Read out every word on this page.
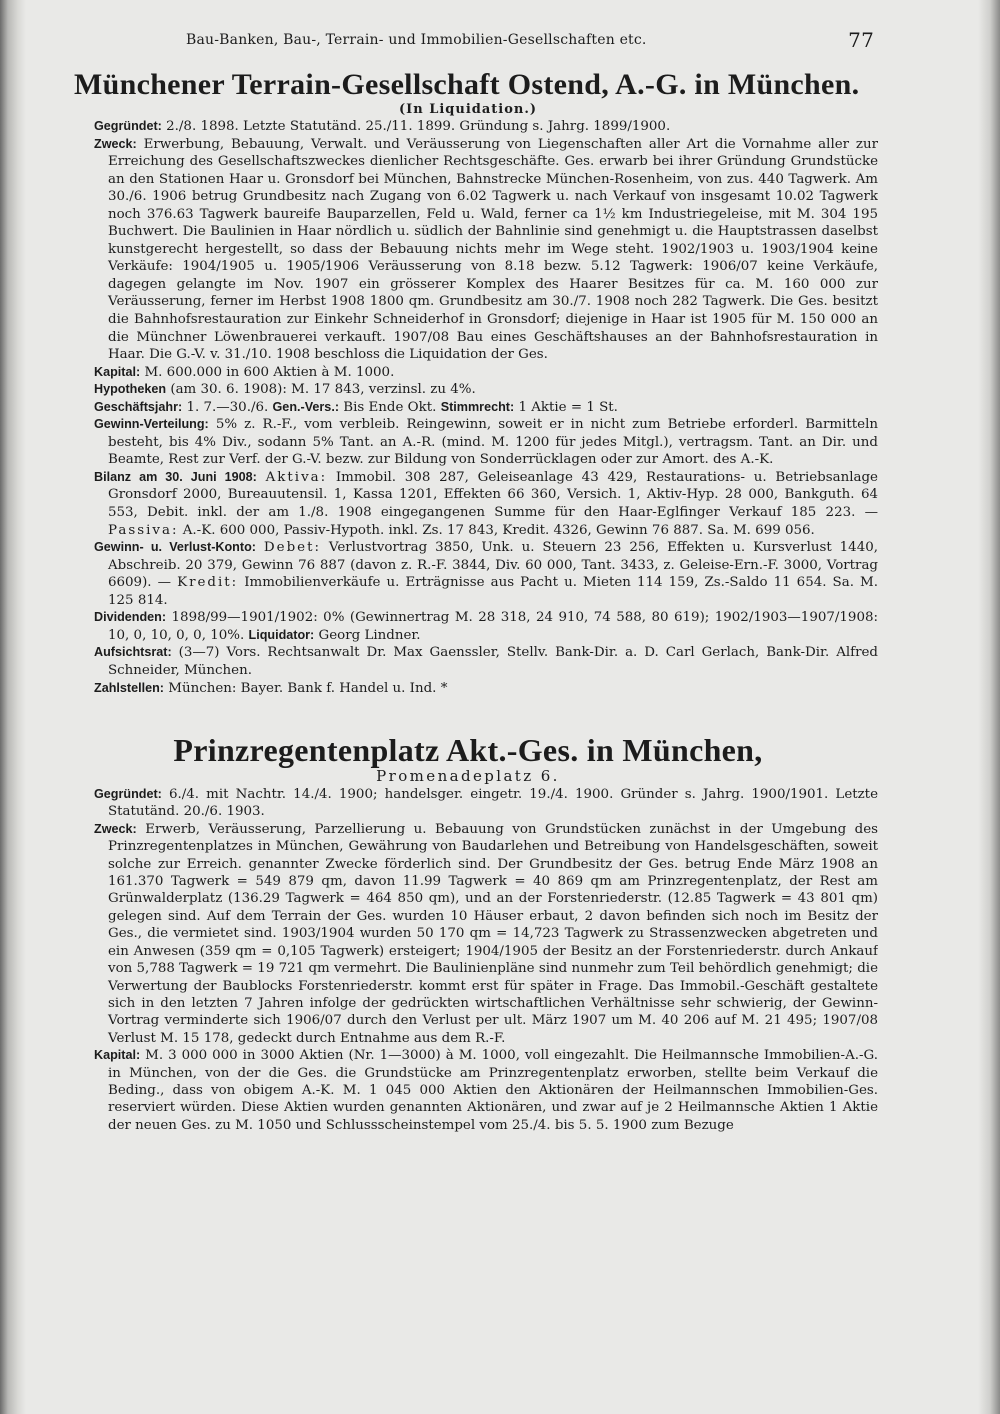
Bau-Banken, Bau-, Terrain- und Immobilien-Gesellschaften etc.	77
Münchener Terrain-Gesellschaft Ostend, A.-G. in München.
(In Liquidation.)

Gegründet: 2./8. 1898. Letzte Statutänd. 25./11. 1899. Gründung s. Jahrg. 1899/1900.

Zweck: Erwerbung, Bebauung, Verwalt. und Veräusserung von Liegenschaften aller Art die Vornahme aller zur Erreichung des Gesellschaftszweckes dienlicher Rechtsgeschäfte. Ges. erwarb bei ihrer Gründung Grundstücke an den Stationen Haar u. Gronsdorf bei München, Bahnstrecke München-Rosenheim, von zus. 440 Tagwerk. Am 30./6. 1906 betrug Grundbesitz nach Zugang von 6.02 Tagwerk u. nach Verkauf von insgesamt 10.02 Tagwerk noch 376.63 Tagwerk baureife Bauparzellen, Feld u. Wald, ferner ca 1½ km Industriegeleise, mit M. 304 195 Buchwert. Die Baulinien in Haar nördlich u. südlich der Bahnlinie sind genehmigt u. die Hauptstrassen daselbst kunstgerecht hergestellt, so dass der Bebauung nichts mehr im Wege steht. 1902/1903 u. 1903/1904 keine Verkäufe: 1904/1905 u. 1905/1906 Veräusserung von 8.18 bezw. 5.12 Tagwerk: 1906/07 keine Verkäufe, dagegen gelangte im Nov. 1907 ein grösserer Komplex des Haarer Besitzes für ca. M. 160 000 zur Veräusserung, ferner im Herbst 1908 1800 qm. Grundbesitz am 30./7. 1908 noch 282 Tagwerk. Die Ges. besitzt die Bahnhofsrestauration zur Einkehr Schneiderhof in Gronsdorf; diejenige in Haar ist 1905 für M. 150 000 an die Münchner Löwenbrauerei verkauft. 1907/08 Bau eines Geschäftshauses an der Bahnhofsrestauration in Haar. Die G.-V. v. 31./10. 1908 beschloss die Liquidation der Ges.

Kapital: M. 600.000 in 600 Aktien à M. 1000.

Hypotheken (am 30. 6. 1908): M. 17 843, verzinsl. zu 4%.

Geschäftsjahr: 1. 7.—30./6. Gen.-Vers.: Bis Ende Okt. Stimmrecht: 1 Aktie = 1 St.

Gewinn-Verteilung: 5% z. R.-F., vom verbleib. Reingewinn, soweit er in nicht zum Betriebe erforderl. Barmitteln besteht, bis 4% Div., sodann 5% Tant. an A.-R. (mind. M. 1200 für jedes Mitgl.), vertragsm. Tant. an Dir. und Beamte, Rest zur Verf. der G.-V. bezw. zur Bildung von Sonderrücklagen oder zur Amort. des A.-K.

Bilanz am 30. Juni 1908: Aktiva: Immobil. 308 287, Geleiseanlage 43 429, Restaurations- u. Betriebsanlage Gronsdorf 2000, Bureauutensil. 1, Kassa 1201, Effekten 66 360, Versich. 1, Aktiv-Hyp. 28 000, Bankguth. 64 553, Debit. inkl. der am 1./8. 1908 eingegangenen Summe für den Haar-Eglfinger Verkauf 185 223. — Passiva: A.-K. 600 000, Passiv-Hypoth. inkl. Zs. 17 843, Kredit. 4326, Gewinn 76 887. Sa. M. 699 056.

Gewinn- u. Verlust-Konto: Debet: Verlustvortrag 3850, Unk. u. Steuern 23 256, Effekten u. Kursverlust 1440, Abschreib. 20 379, Gewinn 76 887 (davon z. R.-F. 3844, Div. 60 000, Tant. 3433, z. Geleise-Ern.-F. 3000, Vortrag 6609). — Kredit: Immobilienverkäufe u. Erträgnisse aus Pacht u. Mieten 114 159, Zs.-Saldo 11 654. Sa. M. 125 814.

Dividenden: 1898/99—1901/1902: 0% (Gewinnertrag M. 28 318, 24 910, 74 588, 80 619); 1902/1903—1907/1908: 10, 0, 10, 0, 0, 10%. Liquidator: Georg Lindner.

Aufsichtsrat: (3—7) Vors. Rechtsanwalt Dr. Max Gaenssler, Stellv. Bank-Dir. a. D. Carl Gerlach, Bank-Dir. Alfred Schneider, München.

Zahlstellen: München: Bayer. Bank f. Handel u. Ind. *

Prinzregentenplatz Akt.-Ges. in München,
Promenadeplatz 6.

Gegründet: 6./4. mit Nachtr. 14./4. 1900; handelsger. eingetr. 19./4. 1900. Gründer s. Jahrg. 1900/1901. Letzte Statutänd. 20./6. 1903.

Zweck: Erwerb, Veräusserung, Parzellierung u. Bebauung von Grundstücken zunächst in der Umgebung des Prinzregentenplatzes in München, Gewährung von Baudarlehen und Betreibung von Handelsgeschäften, soweit solche zur Erreich. genannter Zwecke förderlich sind. Der Grundbesitz der Ges. betrug Ende März 1908 an 161.370 Tagwerk = 549 879 qm, davon 11.99 Tagwerk = 40 869 qm am Prinzregentenplatz, der Rest am Grünwalderplatz (136.29 Tagwerk = 464 850 qm), und an der Forstenriederstr. (12.85 Tagwerk = 43 801 qm) gelegen sind. Auf dem Terrain der Ges. wurden 10 Häuser erbaut, 2 davon befinden sich noch im Besitz der Ges., die vermietet sind. 1903/1904 wurden 50 170 qm = 14,723 Tagwerk zu Strassenzwecken abgetreten und ein Anwesen (359 qm = 0,105 Tagwerk) ersteigert; 1904/1905 der Besitz an der Forstenriederstr. durch Ankauf von 5,788 Tagwerk = 19 721 qm vermehrt. Die Baulinienpläne sind nunmehr zum Teil behördlich genehmigt; die Verwertung der Baublocks Forstenriederstr. kommt erst für später in Frage. Das Immobil.-Geschäft gestaltete sich in den letzten 7 Jahren infolge der gedrückten wirtschaftlichen Verhältnisse sehr schwierig, der Gewinn-Vortrag verminderte sich 1906/07 durch den Verlust per ult. März 1907 um M. 40 206 auf M. 21 495; 1907/08 Verlust M. 15 178, gedeckt durch Entnahme aus dem R.-F.

Kapital: M. 3 000 000 in 3000 Aktien (Nr. 1—3000) à M. 1000, voll eingezahlt. Die Heilmannsche Immobilien-A.-G. in München, von der die Ges. die Grundstücke am Prinzregentenplatz erworben, stellte beim Verkauf die Beding., dass von obigem A.-K. M. 1 045 000 Aktien den Aktionären der Heilmannschen Immobilien-Ges. reserviert würden. Diese Aktien wurden genannten Aktionären, und zwar auf je 2 Heilmannsche Aktien 1 Aktie der neuen Ges. zu M. 1050 und Schlussscheinstempel vom 25./4. bis 5. 5. 1900 zum Bezuge
